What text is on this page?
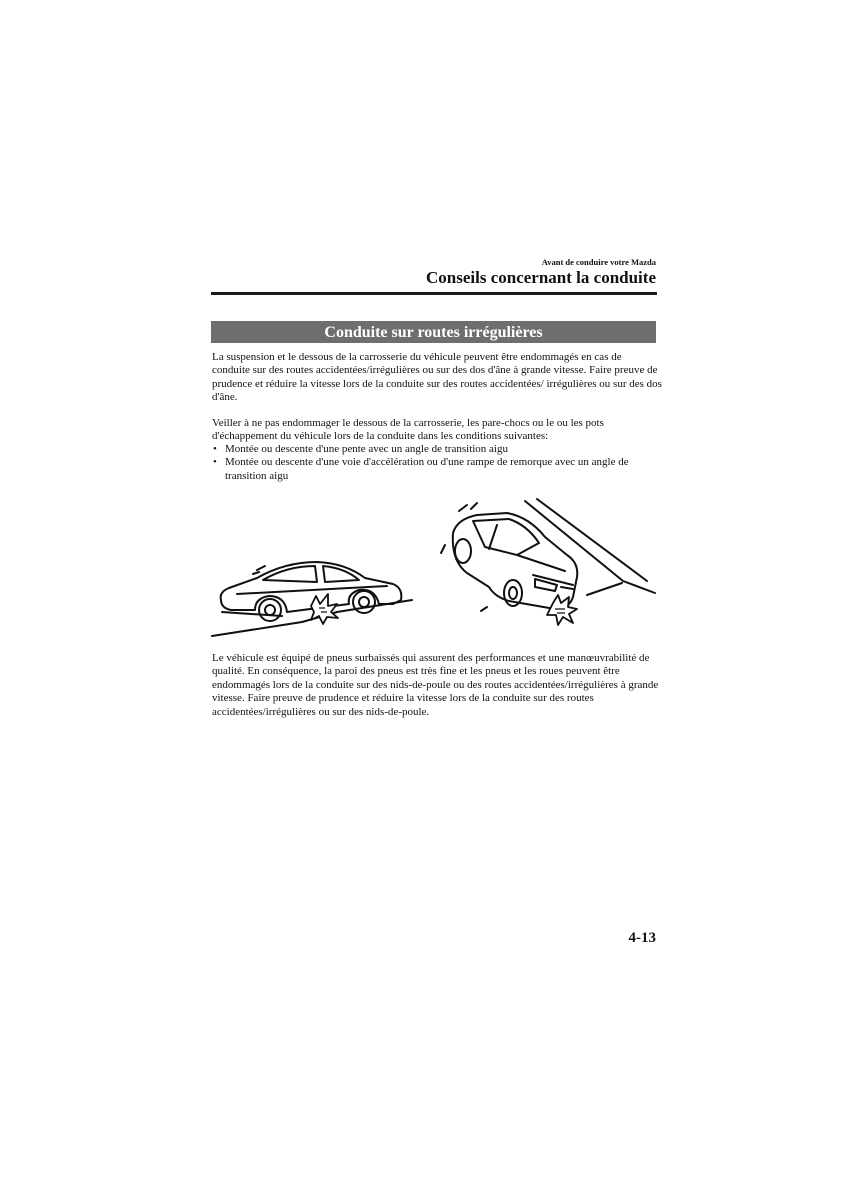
Avant de conduire votre Mazda
Conseils concernant la conduite
Conduite sur routes irrégulières

La suspension et le dessous de la carrosserie du véhicule peuvent être endommagés en cas de conduite sur des routes accidentées/irrégulières ou sur des dos d'âne à grande vitesse. Faire preuve de prudence et réduire la vitesse lors de la conduite sur des routes accidentées/ irrégulières ou sur des dos d'âne.

Veiller à ne pas endommager le dessous de la carrosserie, les pare-chocs ou le ou les pots d'échappement du véhicule lors de la conduite dans les conditions suivantes:

• Montée ou descente d'une pente avec un angle de transition aigu
• Montée ou descente d'une voie d'accélération ou d'une rampe de remorque avec un angle de transition aigu

Le véhicule est équipé de pneus surbaissés qui assurent des performances et une manœuvrabilité de qualité. En conséquence, la paroi des pneus est très fine et les pneus et les roues peuvent être endommagés lors de la conduite sur des nids-de-poule ou des routes accidentées/irrégulières à grande vitesse. Faire preuve de prudence et réduire la vitesse lors de la conduite sur des routes accidentées/irrégulières ou sur des nids-de-poule.

4-13
